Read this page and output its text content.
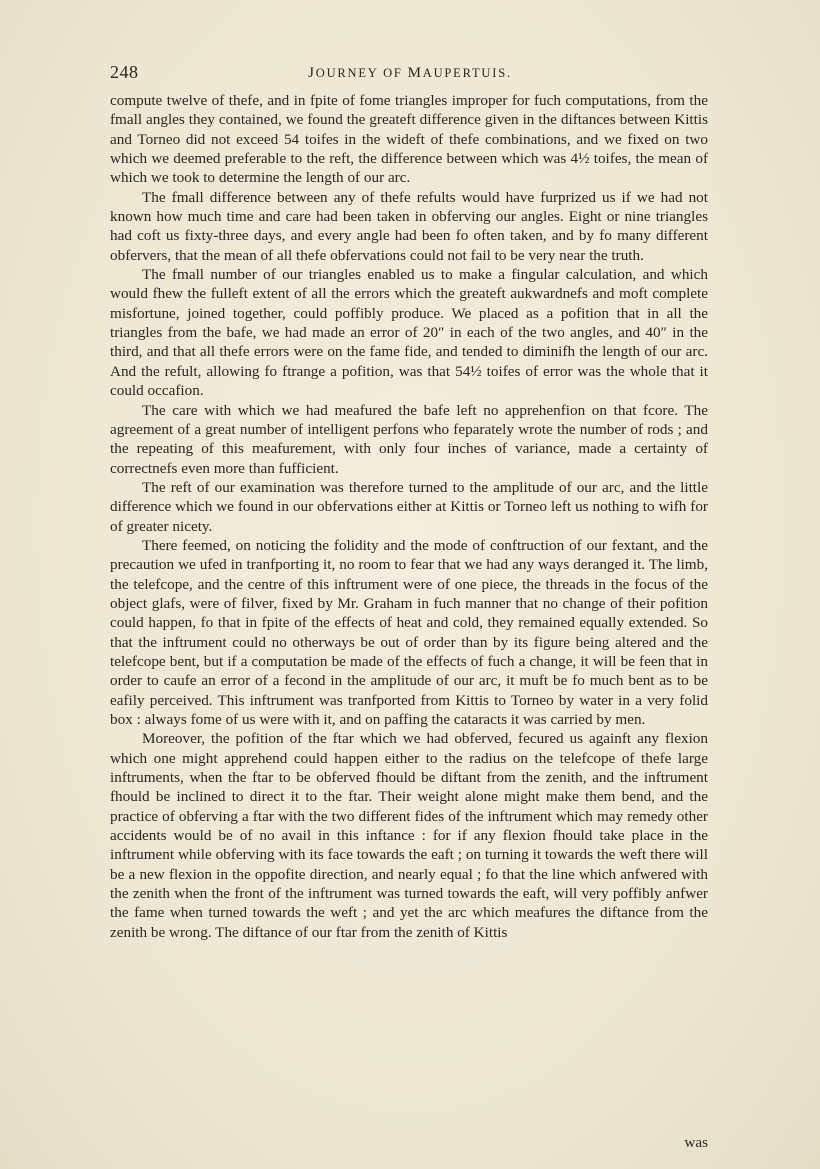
248	JOURNEY OF MAUPERTUIS.

compute twelve of thefe, and in fpite of fome triangles improper for fuch computations, from the fmall angles they contained, we found the greateft difference given in the diftances between Kittis and Torneo did not exceed 54 toifes in the wideft of thefe combinations, and we fixed on two which we deemed preferable to the reft, the difference between which was 4½ toifes, the mean of which we took to determine the length of our arc.

The fmall difference between any of thefe refults would have furprized us if we had not known how much time and care had been taken in obferving our angles. Eight or nine triangles had coft us fixty-three days, and every angle had been fo often taken, and by fo many different obfervers, that the mean of all thefe obfervations could not fail to be very near the truth.

The fmall number of our triangles enabled us to make a fingular calculation, and which would fhew the fulleft extent of all the errors which the greateft aukwardnefs and moft complete misfortune, joined together, could poffibly produce. We placed as a pofition that in all the triangles from the bafe, we had made an error of 20″ in each of the two angles, and 40″ in the third, and that all thefe errors were on the fame fide, and tended to diminifh the length of our arc. And the refult, allowing fo ftrange a pofition, was that 54½ toifes of error was the whole that it could occafion.

The care with which we had meafured the bafe left no apprehenfion on that fcore. The agreement of a great number of intelligent perfons who feparately wrote the number of rods ; and the repeating of this meafurement, with only four inches of variance, made a certainty of correctnefs even more than fufficient.

The reft of our examination was therefore turned to the amplitude of our arc, and the little difference which we found in our obfervations either at Kittis or Torneo left us nothing to wifh for of greater nicety.

There feemed, on noticing the folidity and the mode of conftruction of our fextant, and the precaution we ufed in tranfporting it, no room to fear that we had any ways deranged it. The limb, the telefcope, and the centre of this inftrument were of one piece, the threads in the focus of the object glafs, were of filver, fixed by Mr. Graham in fuch manner that no change of their pofition could happen, fo that in fpite of the effects of heat and cold, they remained equally extended. So that the inftrument could no otherways be out of order than by its figure being altered and the telefcope bent, but if a computation be made of the effects of fuch a change, it will be feen that in order to caufe an error of a fecond in the amplitude of our arc, it muft be fo much bent as to be eafily perceived. This inftrument was tranfported from Kittis to Torneo by water in a very folid box : always fome of us were with it, and on paffing the cataracts it was carried by men.

Moreover, the pofition of the ftar which we had obferved, fecured us againft any flexion which one might apprehend could happen either to the radius on the telefcope of thefe large inftruments, when the ftar to be obferved fhould be diftant from the zenith, and the inftrument fhould be inclined to direct it to the ftar. Their weight alone might make them bend, and the practice of obferving a ftar with the two different fides of the inftrument which may remedy other accidents would be of no avail in this inftance : for if any flexion fhould take place in the inftrument while obferving with its face towards the eaft ; on turning it towards the weft there will be a new flexion in the oppofite direction, and nearly equal ; fo that the line which anfwered with the zenith when the front of the inftrument was turned towards the eaft, will very poffibly anfwer the fame when turned towards the weft ; and yet the arc which meafures the diftance from the zenith be wrong. The diftance of our ftar from the zenith of Kittis

was
